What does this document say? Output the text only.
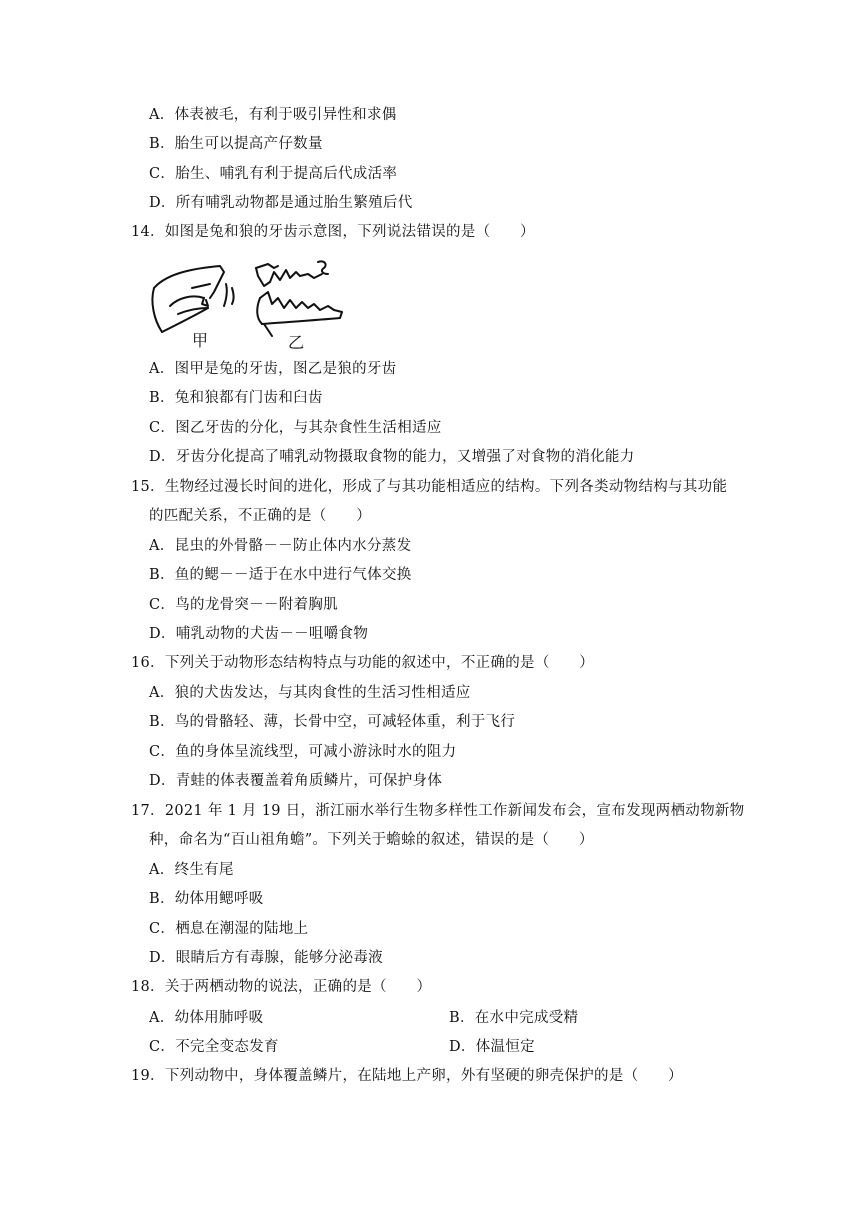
A．体表被毛，有利于吸引异性和求偶
B．胎生可以提高产仔数量
C．胎生、哺乳有利于提高后代成活率
D．所有哺乳动物都是通过胎生繁殖后代
14．如图是兔和狼的牙齿示意图，下列说法错误的是（　　）
甲	乙
A．图甲是兔的牙齿，图乙是狼的牙齿
B．兔和狼都有门齿和臼齿
C．图乙牙齿的分化，与其杂食性生活相适应
D．牙齿分化提高了哺乳动物摄取食物的能力，又增强了对食物的消化能力
15．生物经过漫长时间的进化，形成了与其功能相适应的结构。下列各类动物结构与其功能
的匹配关系，不正确的是（　　）
A．昆虫的外骨骼－－防止体内水分蒸发
B．鱼的鳃－－适于在水中进行气体交换
C．鸟的龙骨突－－附着胸肌
D．哺乳动物的犬齿－－咀嚼食物
16．下列关于动物形态结构特点与功能的叙述中，不正确的是（　　）
A．狼的犬齿发达，与其肉食性的生活习性相适应
B．鸟的骨骼轻、薄，长骨中空，可减轻体重，利于飞行
C．鱼的身体呈流线型，可减小游泳时水的阻力
D．青蛙的体表覆盖着角质鳞片，可保护身体
17．2021 年 1 月 19 日，浙江丽水举行生物多样性工作新闻发布会，宣布发现两栖动物新物
种，命名为“百山祖角蟾”。下列关于蟾蜍的叙述，错误的是（　　）
A．终生有尾
B．幼体用鳃呼吸
C．栖息在潮湿的陆地上
D．眼睛后方有毒腺，能够分泌毒液
18．关于两栖动物的说法，正确的是（　　）
A．幼体用肺呼吸	B．在水中完成受精
C．不完全变态发育	D．体温恒定
19．下列动物中，身体覆盖鳞片，在陆地上产卵，外有坚硬的卵壳保护的是（　　）
